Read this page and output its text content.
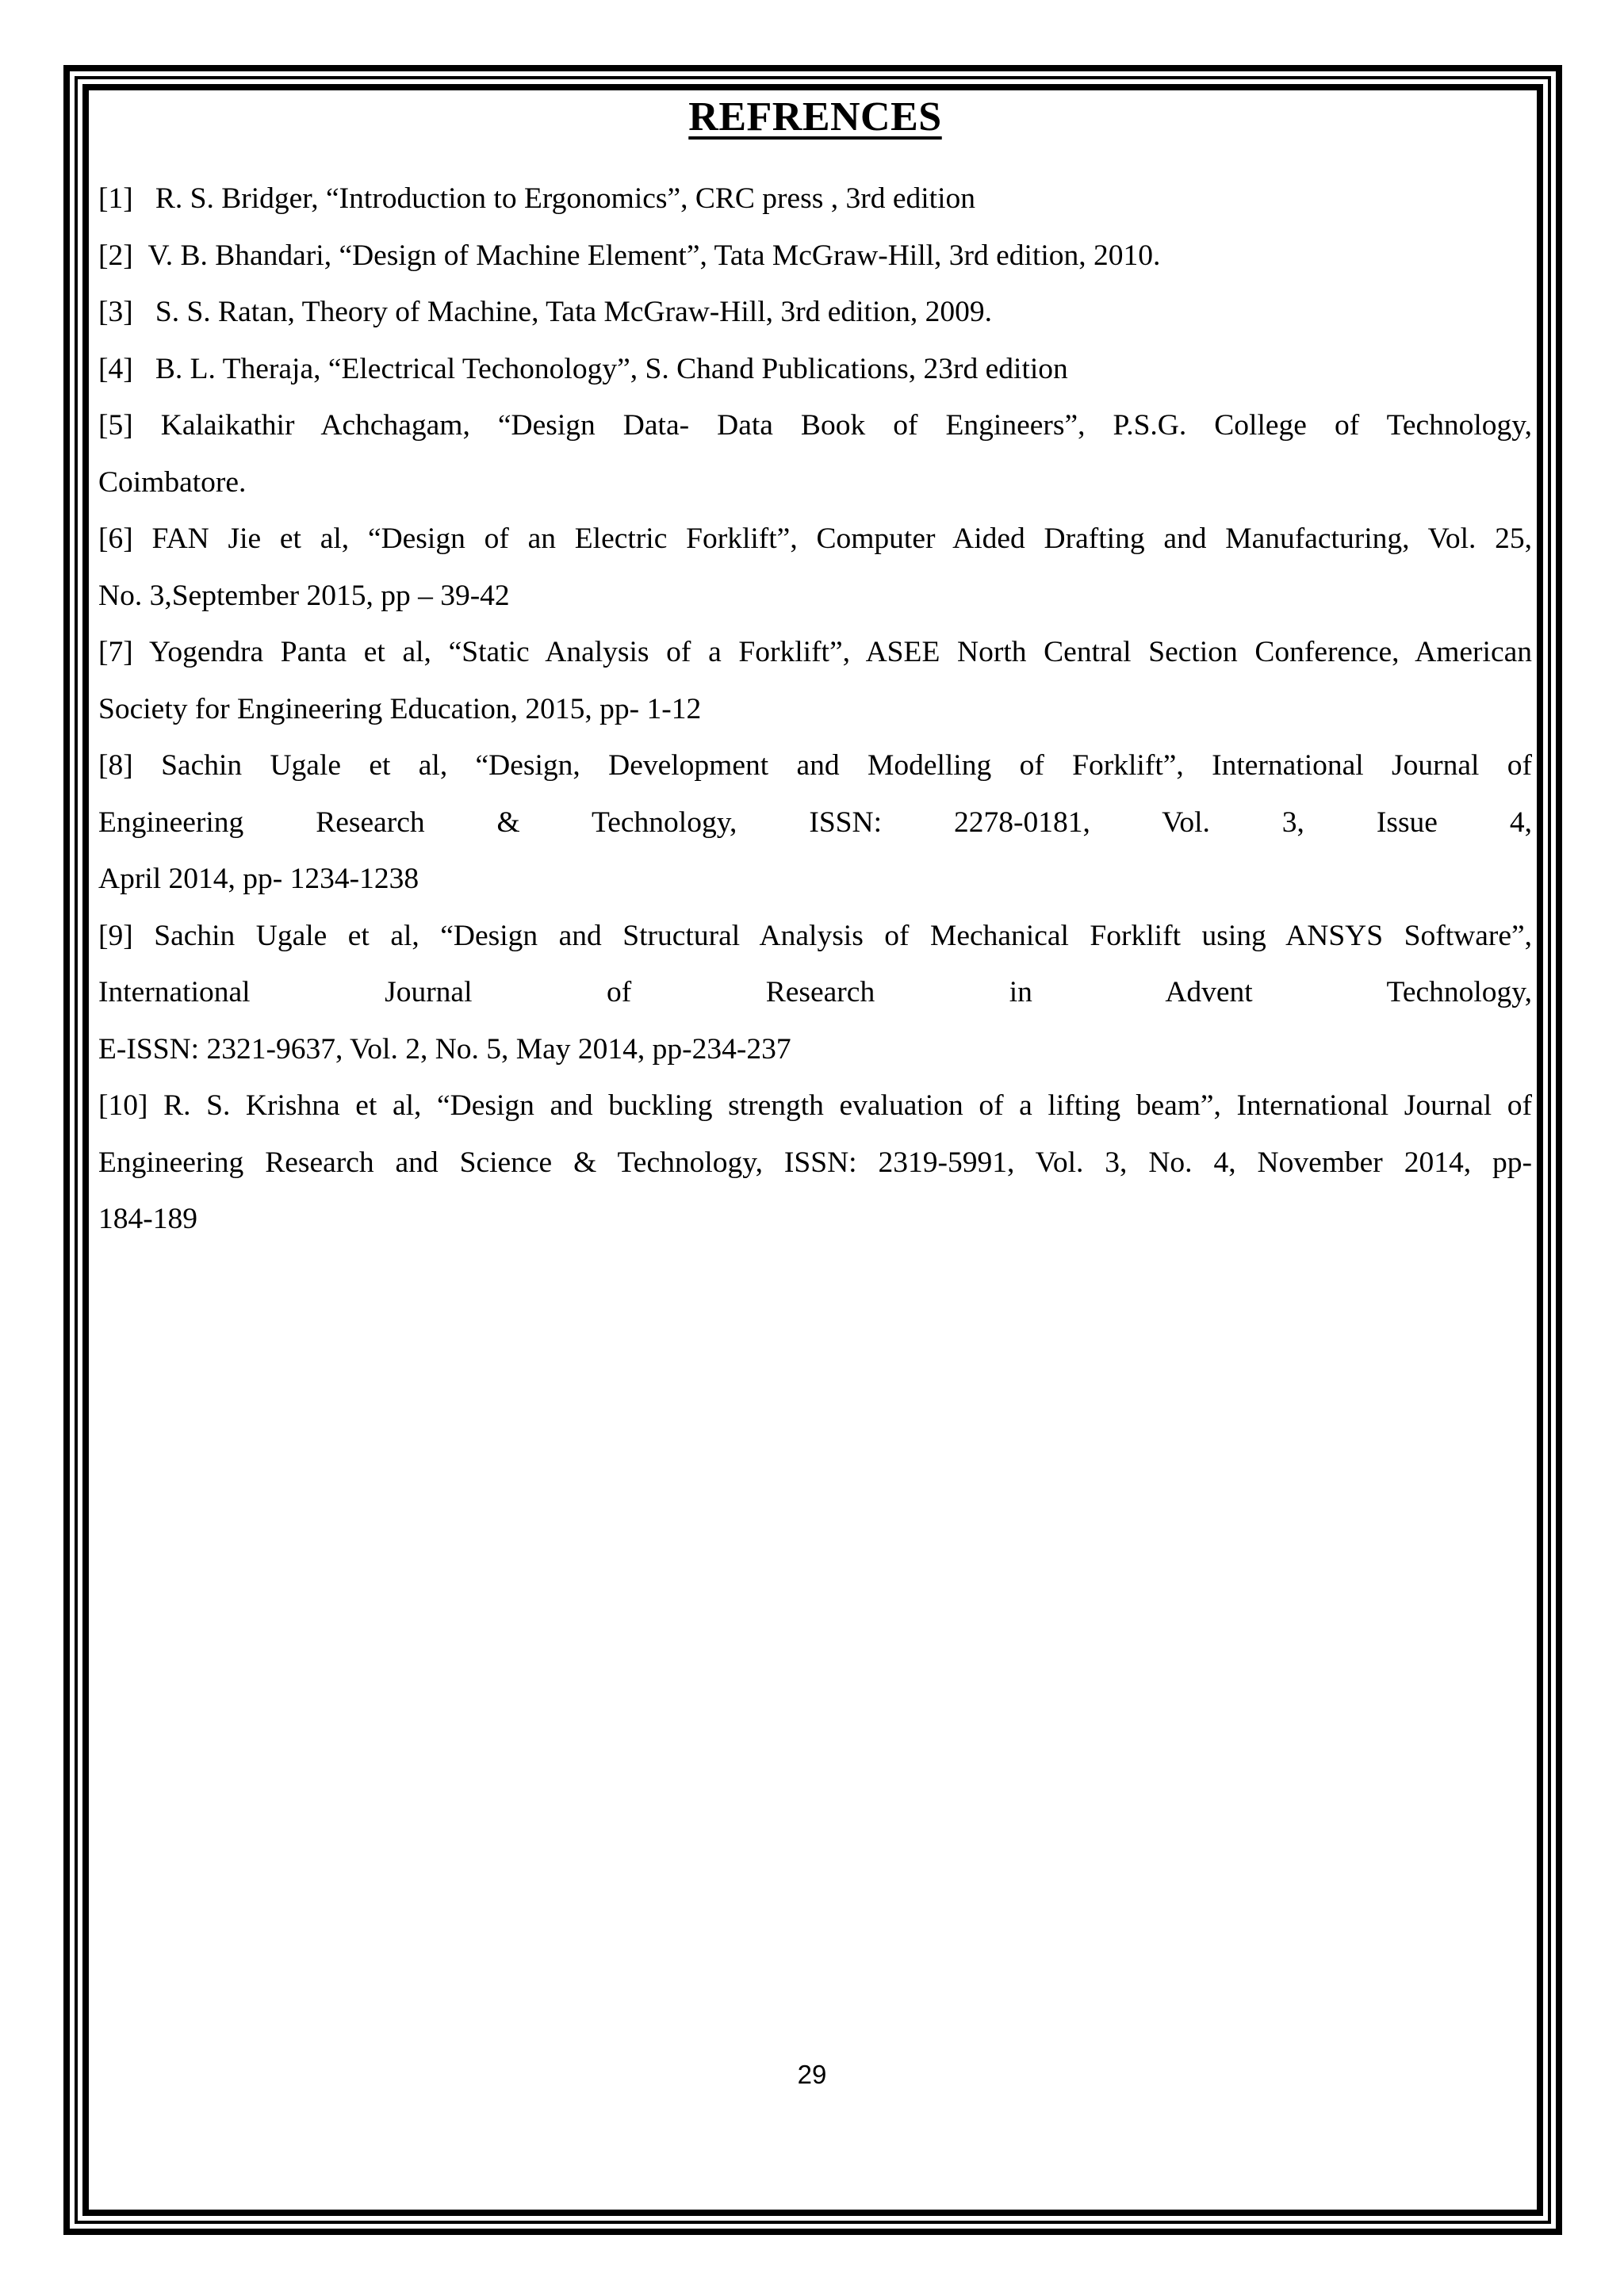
REFRENCES
[1]   R. S. Bridger, “Introduction to Ergonomics”, CRC press , 3rd edition
[2]  V. B. Bhandari, “Design of Machine Element”, Tata McGraw-Hill, 3rd edition, 2010.
[3]   S. S. Ratan, Theory of Machine, Tata McGraw-Hill, 3rd edition, 2009.
[4]   B. L. Theraja, “Electrical Techonology”, S. Chand Publications, 23rd edition
[5] Kalaikathir Achchagam, “Design Data- Data Book of Engineers”, P.S.G. College of Technology,
Coimbatore.
[6] FAN Jie et al, “Design of an Electric Forklift”, Computer Aided Drafting and Manufacturing, Vol. 25,
No. 3,September 2015, pp – 39-42
[7] Yogendra Panta et al, “Static Analysis of a Forklift”, ASEE North Central Section Conference, American
Society for Engineering Education, 2015, pp- 1-12
[8] Sachin Ugale et al, “Design, Development and Modelling of Forklift”, International Journal of
Engineering Research & Technology, ISSN: 2278-0181, Vol. 3, Issue 4,
April 2014, pp- 1234-1238
[9] Sachin Ugale et al, “Design and Structural Analysis of Mechanical Forklift using ANSYS Software”,
International Journal of Research in Advent Technology,
E-ISSN: 2321-9637, Vol. 2, No. 5, May 2014, pp-234-237
[10] R. S. Krishna et al, “Design and buckling strength evaluation of a lifting beam”, International Journal of
Engineering Research and Science & Technology, ISSN: 2319-5991, Vol. 3, No. 4, November 2014, pp-
184-189
29
